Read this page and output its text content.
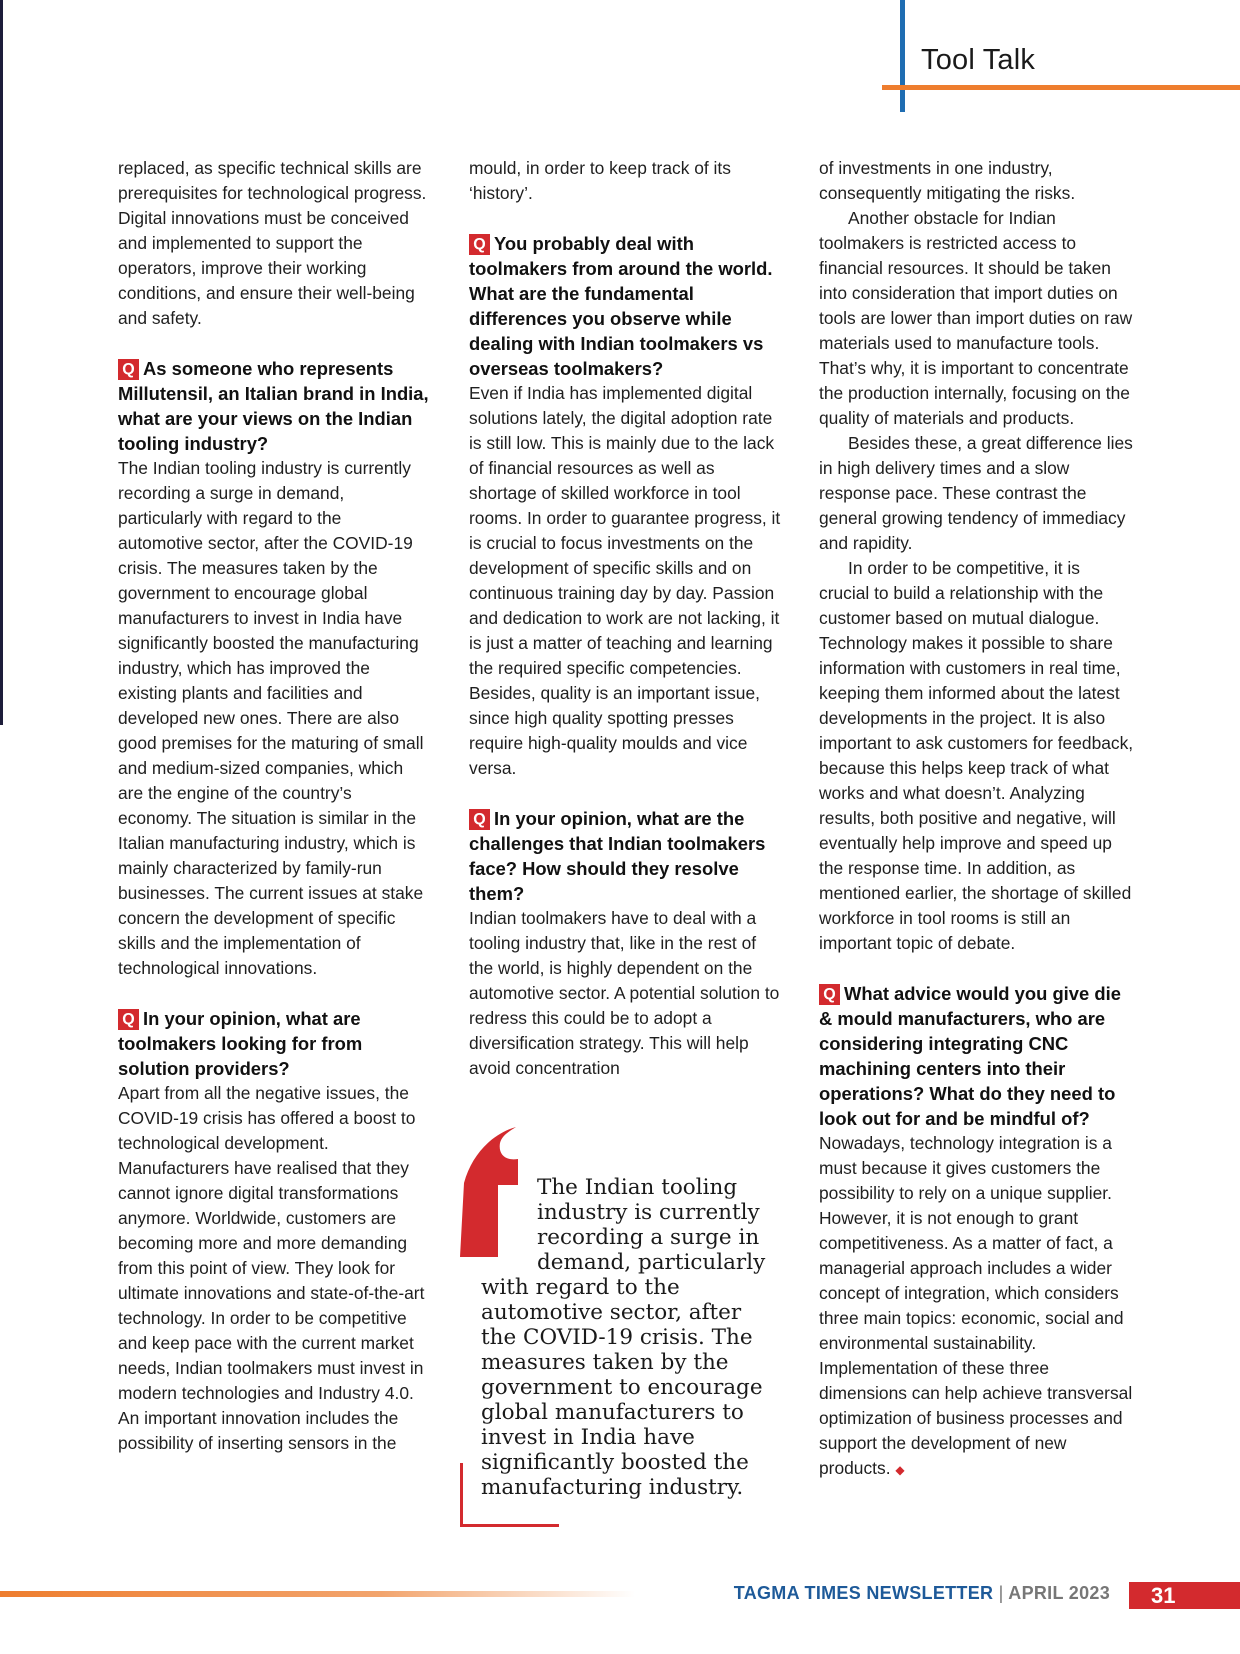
Tool Talk

replaced, as specific technical skills are prerequisites for technological progress. Digital innovations must be conceived and implemented to support the operators, improve their working conditions, and ensure their well-being and safety.

Q As someone who represents Millutensil, an Italian brand in India, what are your views on the Indian tooling industry?

The Indian tooling industry is currently recording a surge in demand, particularly with regard to the automotive sector, after the COVID-19 crisis. The measures taken by the government to encourage global manufacturers to invest in India have significantly boosted the manufacturing industry, which has improved the existing plants and facilities and developed new ones. There are also good premises for the maturing of small and medium-sized companies, which are the engine of the country’s economy. The situation is similar in the Italian manufacturing industry, which is mainly characterized by family-run businesses. The current issues at stake concern the development of specific skills and the implementation of technological innovations.

Q In your opinion, what are toolmakers looking for from solution providers?

Apart from all the negative issues, the COVID-19 crisis has offered a boost to technological development. Manufacturers have realised that they cannot ignore digital transformations anymore. Worldwide, customers are becoming more and more demanding from this point of view. They look for ultimate innovations and state-of-the-art technology. In order to be competitive and keep pace with the current market needs, Indian toolmakers must invest in modern technologies and Industry 4.0. An important innovation includes the possibility of inserting sensors in the

mould, in order to keep track of its ‘history’.

Q You probably deal with toolmakers from around the world. What are the fundamental differences you observe while dealing with Indian toolmakers vs overseas toolmakers?

Even if India has implemented digital solutions lately, the digital adoption rate is still low. This is mainly due to the lack of financial resources as well as shortage of skilled workforce in tool rooms. In order to guarantee progress, it is crucial to focus investments on the development of specific skills and on continuous training day by day. Passion and dedication to work are not lacking, it is just a matter of teaching and learning the required specific competencies. Besides, quality is an important issue, since high quality spotting presses require high-quality moulds and vice versa.

Q In your opinion, what are the challenges that Indian toolmakers face? How should they resolve them?

Indian toolmakers have to deal with a tooling industry that, like in the rest of the world, is highly dependent on the automotive sector. A potential solution to redress this could be to adopt a diversification strategy. This will help avoid concentration

The Indian tooling industry is currently recording a surge in demand, particularly with regard to the automotive sector, after the COVID-19 crisis. The measures taken by the government to encourage global manufacturers to invest in India have significantly boosted the manufacturing industry.

of investments in one industry, consequently mitigating the risks.

Another obstacle for Indian toolmakers is restricted access to financial resources. It should be taken into consideration that import duties on tools are lower than import duties on raw materials used to manufacture tools. That’s why, it is important to concentrate the production internally, focusing on the quality of materials and products.

Besides these, a great difference lies in high delivery times and a slow response pace. These contrast the general growing tendency of immediacy and rapidity.

In order to be competitive, it is crucial to build a relationship with the customer based on mutual dialogue. Technology makes it possible to share information with customers in real time, keeping them informed about the latest developments in the project. It is also important to ask customers for feedback, because this helps keep track of what works and what doesn’t. Analyzing results, both positive and negative, will eventually help improve and speed up the response time. In addition, as mentioned earlier, the shortage of skilled workforce in tool rooms is still an important topic of debate.

Q What advice would you give die & mould manufacturers, who are considering integrating CNC machining centers into their operations? What do they need to look out for and be mindful of?

Nowadays, technology integration is a must because it gives customers the possibility to rely on a unique supplier. However, it is not enough to grant competitiveness. As a matter of fact, a managerial approach includes a wider concept of integration, which considers three main topics: economic, social and environmental sustainability. Implementation of these three dimensions can help achieve transversal optimization of business processes and support the development of new products. ◆

TAGMA TIMES NEWSLETTER | APRIL 2023	31
